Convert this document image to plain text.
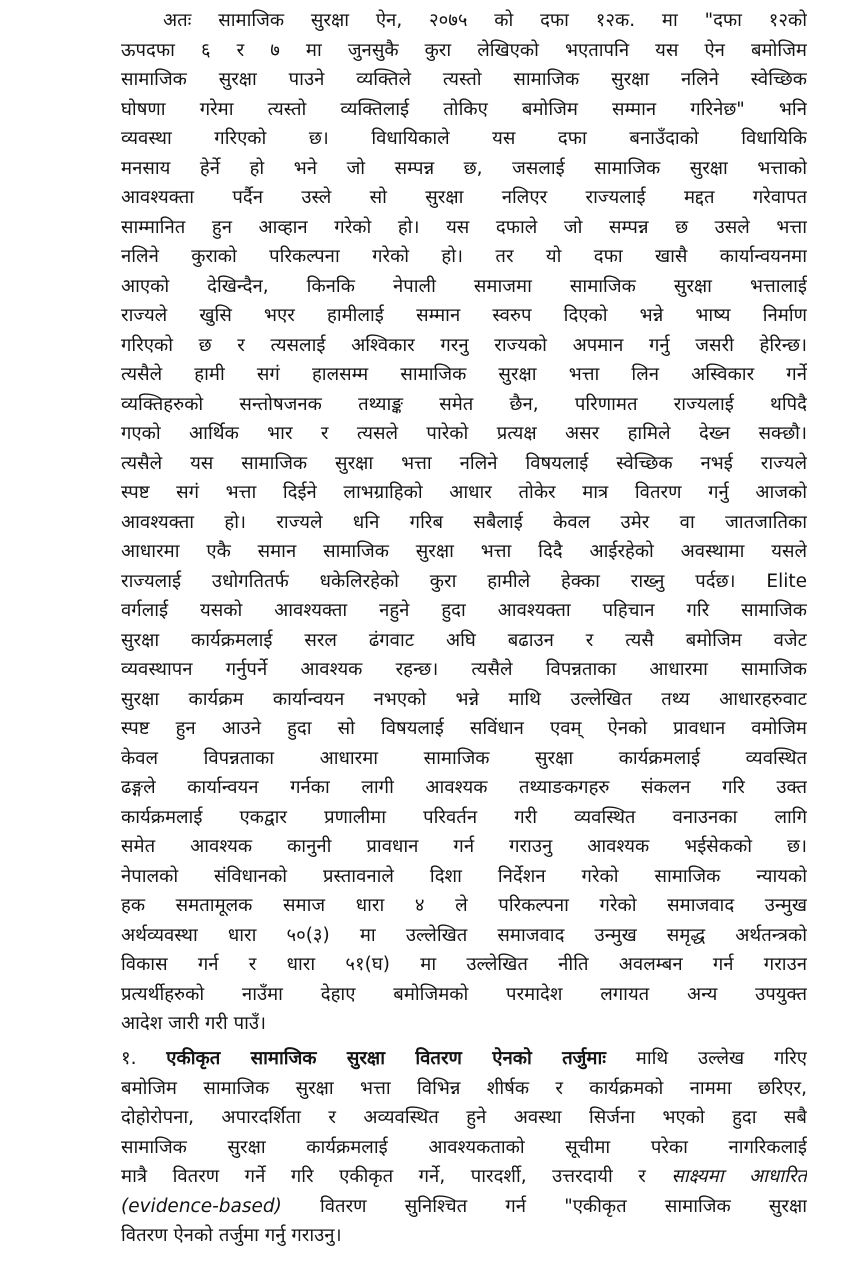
अतः सामाजिक सुरक्षा ऐन, २०७५ को दफा १२क. मा "दफा १२को
ऊपदफा ६ र ७ मा जुनसुकै कुरा लेखिएको भएतापनि यस ऐन बमोजिम
सामाजिक सुरक्षा पाउने व्यक्तिले त्यस्तो सामाजिक सुरक्षा नलिने स्वेच्छिक
घोषणा गरेमा त्यस्तो व्यक्तिलाई तोकिए बमोजिम सम्मान गरिनेछ" भनि
व्यवस्था गरिएको छ। विधायिकाले यस दफा बनाउँदाको विधायिकि
मनसाय हेर्ने हो भने जो सम्पन्न छ, जसलाई सामाजिक सुरक्षा भत्ताको
आवश्यक्ता पर्दैन उस्ले सो सुरक्षा नलिएर राज्यलाई मद्दत गरेवापत
साम्मानित हुन आव्हान गरेको हो। यस दफाले जो सम्पन्न छ उसले भत्ता
नलिने कुराको परिकल्पना गरेको हो। तर यो दफा खासै कार्यान्वयनमा
आएको देखिन्दैन, किनकि नेपाली समाजमा सामाजिक सुरक्षा भत्तालाई
राज्यले खुसि भएर हामीलाई सम्मान स्वरुप दिएको भन्ने भाष्य निर्माण
गरिएको छ र त्यसलाई अश्विकार गरनु राज्यको अपमान गर्नु जसरी हेरिन्छ।
त्यसैले हामी सगं हालसम्म सामाजिक सुरक्षा भत्ता लिन अस्विकार गर्ने
व्यक्तिहरुको सन्तोषजनक तथ्याङ्क समेत छैन, परिणामत राज्यलाई थपिदै
गएको आर्थिक भार र त्यसले पारेको प्रत्यक्ष असर हामिले देख्न सक्छौ।
त्यसैले यस सामाजिक सुरक्षा भत्ता नलिने विषयलाई स्वेच्छिक नभई राज्यले
स्पष्ट सगं भत्ता दिईने लाभग्राहिको आधार तोकेर मात्र वितरण गर्नु आजको
आवश्यक्ता हो। राज्यले धनि गरिब सबैलाई केवल उमेर वा जातजातिका
आधारमा एकै समान सामाजिक सुरक्षा भत्ता दिदै आईरहेको अवस्थामा यसले
राज्यलाई उधोगतितर्फ धकेलिरहेको कुरा हामीले हेक्का राख्नु पर्दछ। Elite
वर्गलाई यसको आवश्यक्ता नहुने हुदा आवश्यक्ता पहिचान गरि सामाजिक
सुरक्षा कार्यक्रमलाई सरल ढंगवाट अघि बढाउन र त्यसै बमोजिम वजेट
व्यवस्थापन गर्नुपर्ने आवश्यक रहन्छ। त्यसैले विपन्नताका आधारमा सामाजिक
सुरक्षा कार्यक्रम कार्यान्वयन नभएको भन्ने माथि उल्लेखित तथ्य आधारहरुवाट
स्पष्ट हुन आउने हुदा सो विषयलाई सविंधान एवम् ऐनको प्रावधान वमोजिम
केवल विपन्नताका आधारमा सामाजिक सुरक्षा कार्यक्रमलाई व्यवस्थित
ढङ्गले कार्यान्वयन गर्नका लागी आवश्यक तथ्याङकगहरु संकलन गरि उक्त
कार्यक्रमलाई एकद्वार प्रणालीमा परिवर्तन गरी व्यवस्थित वनाउनका लागि
समेत आवश्यक कानुनी प्रावधान गर्न गराउनु आवश्यक भईसेकको छ।
नेपालको संविधानको प्रस्तावनाले दिशा निर्देशन गरेको सामाजिक न्यायको
हक समतामूलक समाज धारा ४ ले परिकल्पना गरेको समाजवाद उन्मुख
अर्थव्यवस्था धारा ५०(३) मा उल्लेखित समाजवाद उन्मुख समृद्ध अर्थतन्त्रको
विकास गर्न र धारा ५१(घ) मा उल्लेखित नीति अवलम्बन गर्न गराउन
प्रत्यर्थीहरुको नाउँमा देहाए बमोजिमको परमादेश लगायत अन्य उपयुक्त
आदेश जारी गरी पाउँ।
१. एकीकृत सामाजिक सुरक्षा वितरण ऐनको तर्जुमाः माथि उल्लेख गरिए
बमोजिम सामाजिक सुरक्षा भत्ता विभिन्न शीर्षक र कार्यक्रमको नाममा छरिएर,
दोहोरोपना, अपारदर्शिता र अव्यवस्थित हुने अवस्था सिर्जना भएको हुदा सबै
सामाजिक सुरक्षा कार्यक्रमलाई आवश्यकताको सूचीमा परेका नागरिकलाई
मात्रै वितरण गर्ने गरि एकीकृत गर्ने, पारदर्शी, उत्तरदायी र साक्ष्यमा आधारित
(evidence-based) वितरण सुनिश्चित गर्न "एकीकृत सामाजिक सुरक्षा
वितरण ऐनको तर्जुमा गर्नु गराउनु।
